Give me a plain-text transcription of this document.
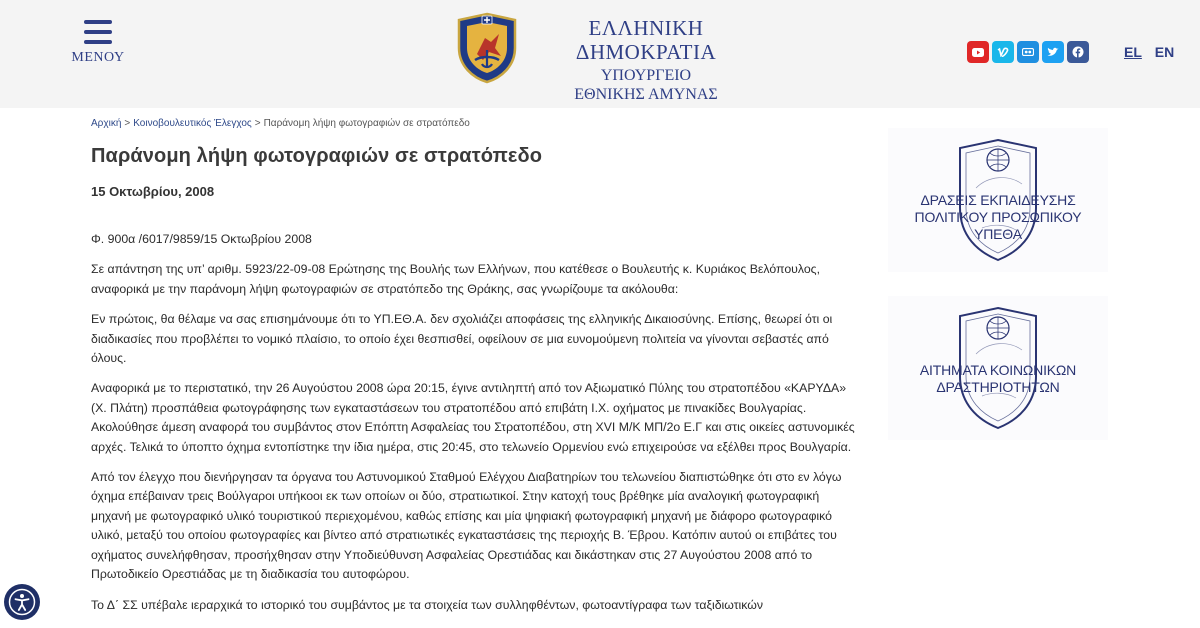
ΜΕΝΟΥ
ΕΛΛΗΝΙΚΗ ΔΗΜΟΚΡΑΤΙΑ
ΥΠΟΥΡΓΕΙΟ
ΕΘΝΙΚΗΣ ΑΜΥΝΑΣ
EL EN
Αρχική > Κοινοβουλευτικός Έλεγχος > Παράνομη λήψη φωτογραφιών σε στρατόπεδο
Παράνομη λήψη φωτογραφιών σε στρατόπεδο
15 Οκτωβρίου, 2008

Φ. 900α /6017/9859/15 Οκτωβρίου 2008

Σε απάντηση της υπ’ αριθμ. 5923/22-09-08 Ερώτησης της Βουλής των Ελλήνων, που κατέθεσε ο Βουλευτής κ. Κυριάκος Βελόπουλος, αναφορικά με την παράνομη λήψη φωτογραφιών σε στρατόπεδο της Θράκης, σας γνωρίζουμε τα ακόλουθα:

Εν πρώτοις, θα θέλαμε να σας επισημάνουμε ότι το ΥΠ.ΕΘ.Α. δεν σχολιάζει αποφάσεις της ελληνικής Δικαιοσύνης. Επίσης, θεωρεί ότι οι διαδικασίες που προβλέπει το νομικό πλαίσιο, το οποίο έχει θεσπισθεί, οφείλουν σε μια ευνομούμενη πολιτεία να γίνονται σεβαστές από όλους.

Αναφορικά με το περιστατικό, την 26 Αυγούστου 2008 ώρα 20:15, έγινε αντιληπτή από τον Αξιωματικό Πύλης του στρατοπέδου «ΚΑΡΥΔΑ» (Χ. Πλάτη) προσπάθεια φωτογράφησης των εγκαταστάσεων του στρατοπέδου από επιβάτη Ι.Χ. οχήματος με πινακίδες Βουλγαρίας. Ακολούθησε άμεση αναφορά του συμβάντος στον Επόπτη Ασφαλείας του Στρατοπέδου, στη XVI Μ/Κ ΜΠ/2ο Ε.Γ και στις οικείες αστυνομικές αρχές. Τελικά το ύποπτο όχημα εντοπίστηκε την ίδια ημέρα, στις 20:45, στο τελωνείο Ορμενίου ενώ επιχειρούσε να εξέλθει προς Βουλγαρία.

Από τον έλεγχο που διενήργησαν τα όργανα του Αστυνομικού Σταθμού Ελέγχου Διαβατηρίων του τελωνείου διαπιστώθηκε ότι στο εν λόγω όχημα επέβαιναν τρεις Βούλγαροι υπήκοοι εκ των οποίων οι δύο, στρατιωτικοί. Στην κατοχή τους βρέθηκε μία αναλογική φωτογραφική μηχανή με φωτογραφικό υλικό τουριστικού περιεχομένου, καθώς επίσης και μία ψηφιακή φωτογραφική μηχανή με διάφορο φωτογραφικό υλικό, μεταξύ του οποίου φωτογραφίες και βίντεο από στρατιωτικές εγκαταστάσεις της περιοχής Β. Έβρου. Κατόπιν αυτού οι επιβάτες του οχήματος συνελήφθησαν, προσήχθησαν στην Υποδιεύθυνση Ασφαλείας Ορεστιάδας και δικάστηκαν στις 27 Αυγούστου 2008 από το Πρωτοδικείο Ορεστιάδας με τη διαδικασία του αυτοφώρου.

Το Δ΄ ΣΣ υπέβαλε ιεραρχικά το ιστορικό του συμβάντος με τα στοιχεία των συλληφθέντων, φωτοαντίγραφα των ταξιδιωτικών

ΔΡΑΣΕΙΣ ΕΚΠΑΙΔΕΥΣΗΣ
ΠΟΛΙΤΙΚΟΥ ΠΡΟΣΩΠΙΚΟΥ
ΥΠΕΘΑ
ΑΙΤΗΜΑΤΑ ΚΟΙΝΩΝΙΚΩΝ
ΔΡΑΣΤΗΡΙΟΤΗΤΩΝ
